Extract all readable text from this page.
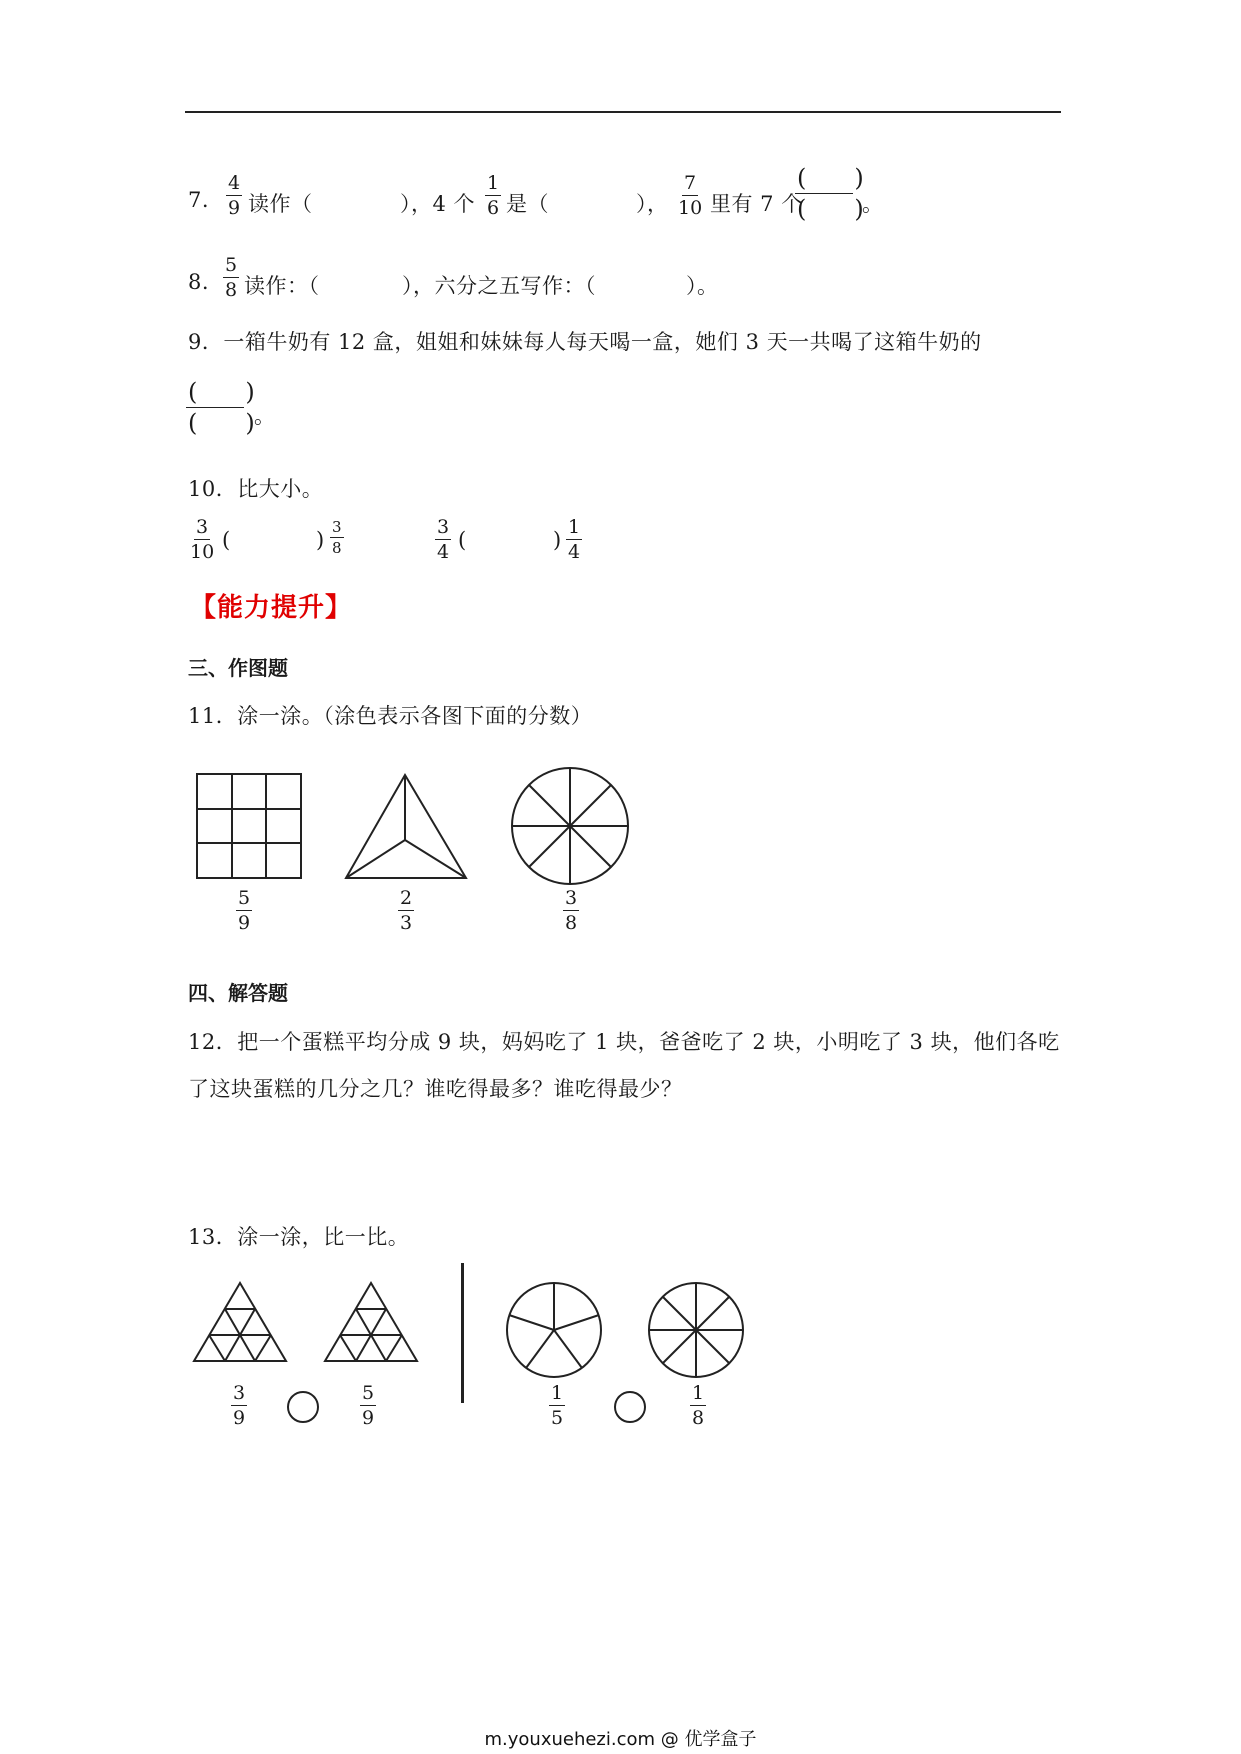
7. $\frac{4}{9}$ 读作（	），4 个 $\frac{1}{6}$ 是（	）， $\frac{7}{10}$ 里有 7 个
(　　)
(　　)
。
8. $\frac{5}{8}$ 读作：（	），六分之五写作：（	）。
9．一箱牛奶有 12 盒，姐姐和妹妹每人每天喝一盒，她们 3 天一共喝了这箱牛奶的
(　　)
(　　) 。
10．比大小。
$\frac{3}{10}$ (	) $\frac{3}{8}$	$\frac{3}{4}$ (	) $\frac{1}{4}$
【能力提升】
三、作图题
11．涂一涂。（涂色表示各图下面的分数）
$\frac{5}{9}$	$\frac{2}{3}$	$\frac{3}{8}$
四、解答题
12．把一个蛋糕平均分成 9 块，妈妈吃了 1 块，爸爸吃了 2 块，小明吃了 3 块，他们各吃
了这块蛋糕的几分之几？谁吃得最多？谁吃得最少？
13．涂一涂，比一比。
$\frac{3}{9}$	$\frac{5}{9}$	$\frac{1}{5}$	$\frac{1}{8}$
m.youxuehezi.com @ 优学盒子
